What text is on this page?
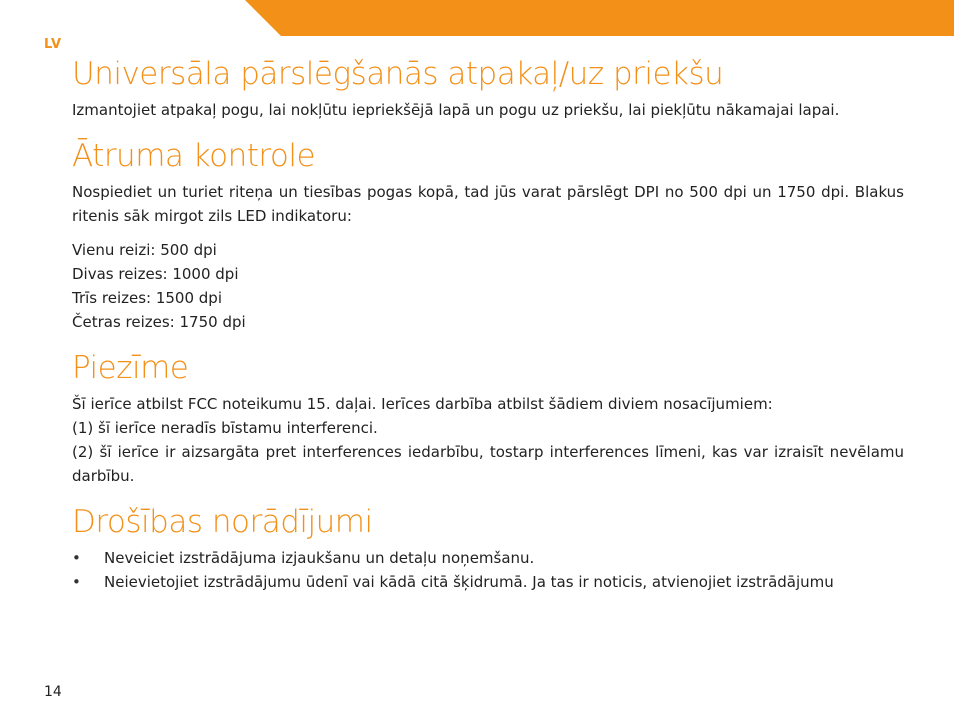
LV
Universāla pārslēgšanās atpakaļ/uz priekšu

Izmantojiet atpakaļ pogu, lai nokļūtu iepriekšējā lapā un pogu uz priekšu, lai piekļūtu nākamajai lapai.

Ātruma kontrole

Nospiediet un turiet riteņa un tiesības pogas kopā, tad jūs varat pārslēgt DPI no 500 dpi un 1750 dpi. Blakus ritenis sāk mirgot zils LED indikatoru:

Vienu reizi: 500 dpi

Divas reizes: 1000 dpi

Trīs reizes: 1500 dpi

Četras reizes: 1750 dpi

Piezīme

Šī ierīce atbilst FCC noteikumu 15. daļai. Ierīces darbība atbilst šādiem diviem nosacījumiem:

(1) šī ierīce neradīs bīstamu interferenci.

(2) šī ierīce ir aizsargāta pret interferences iedarbību, tostarp interferences līmeni, kas var izraisīt nevēlamu darbību.

Drošības norādījumi
• Neveiciet izstrādājuma izjaukšanu un detaļu noņemšanu.
• Neievietojiet izstrādājumu ūdenī vai kādā citā šķidrumā. Ja tas ir noticis, atvienojiet izstrādājumu
14
